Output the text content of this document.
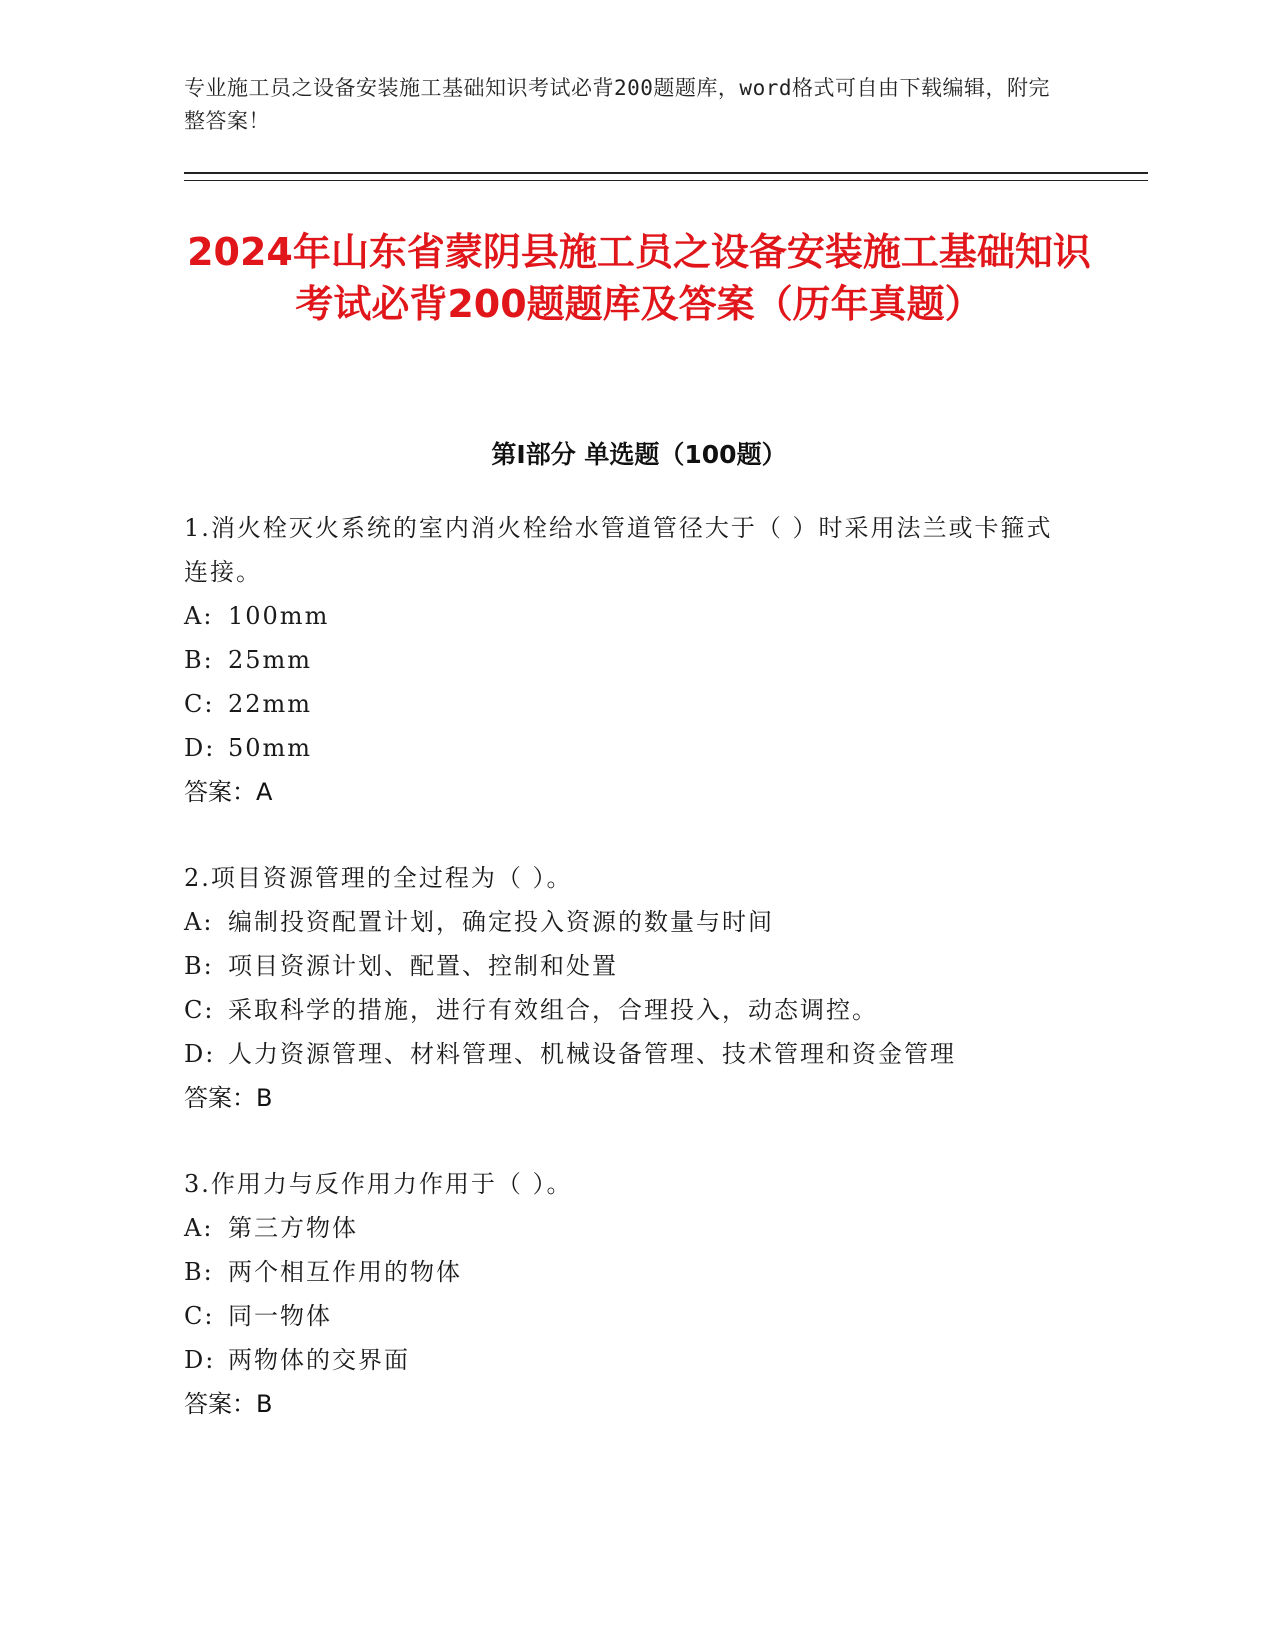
专业施工员之设备安装施工基础知识考试必背200题题库，word格式可自由下载编辑，附完整答案！
2024年山东省蒙阴县施工员之设备安装施工基础知识考试必背200题题库及答案（历年真题）
第Ⅰ部分 单选题（100题）

1.消火栓灭火系统的室内消火栓给水管道管径大于（ ）时采用法兰或卡箍式连接。

A: 100mm

B: 25mm

C: 22mm

D: 50mm

答案：A

2.项目资源管理的全过程为（ ）。

A: 编制投资配置计划，确定投入资源的数量与时间

B: 项目资源计划、配置、控制和处置

C: 采取科学的措施，进行有效组合，合理投入，动态调控。

D: 人力资源管理、材料管理、机械设备管理、技术管理和资金管理

答案：B

3.作用力与反作用力作用于（ ）。

A: 第三方物体

B: 两个相互作用的物体

C: 同一物体

D: 两物体的交界面

答案：B
